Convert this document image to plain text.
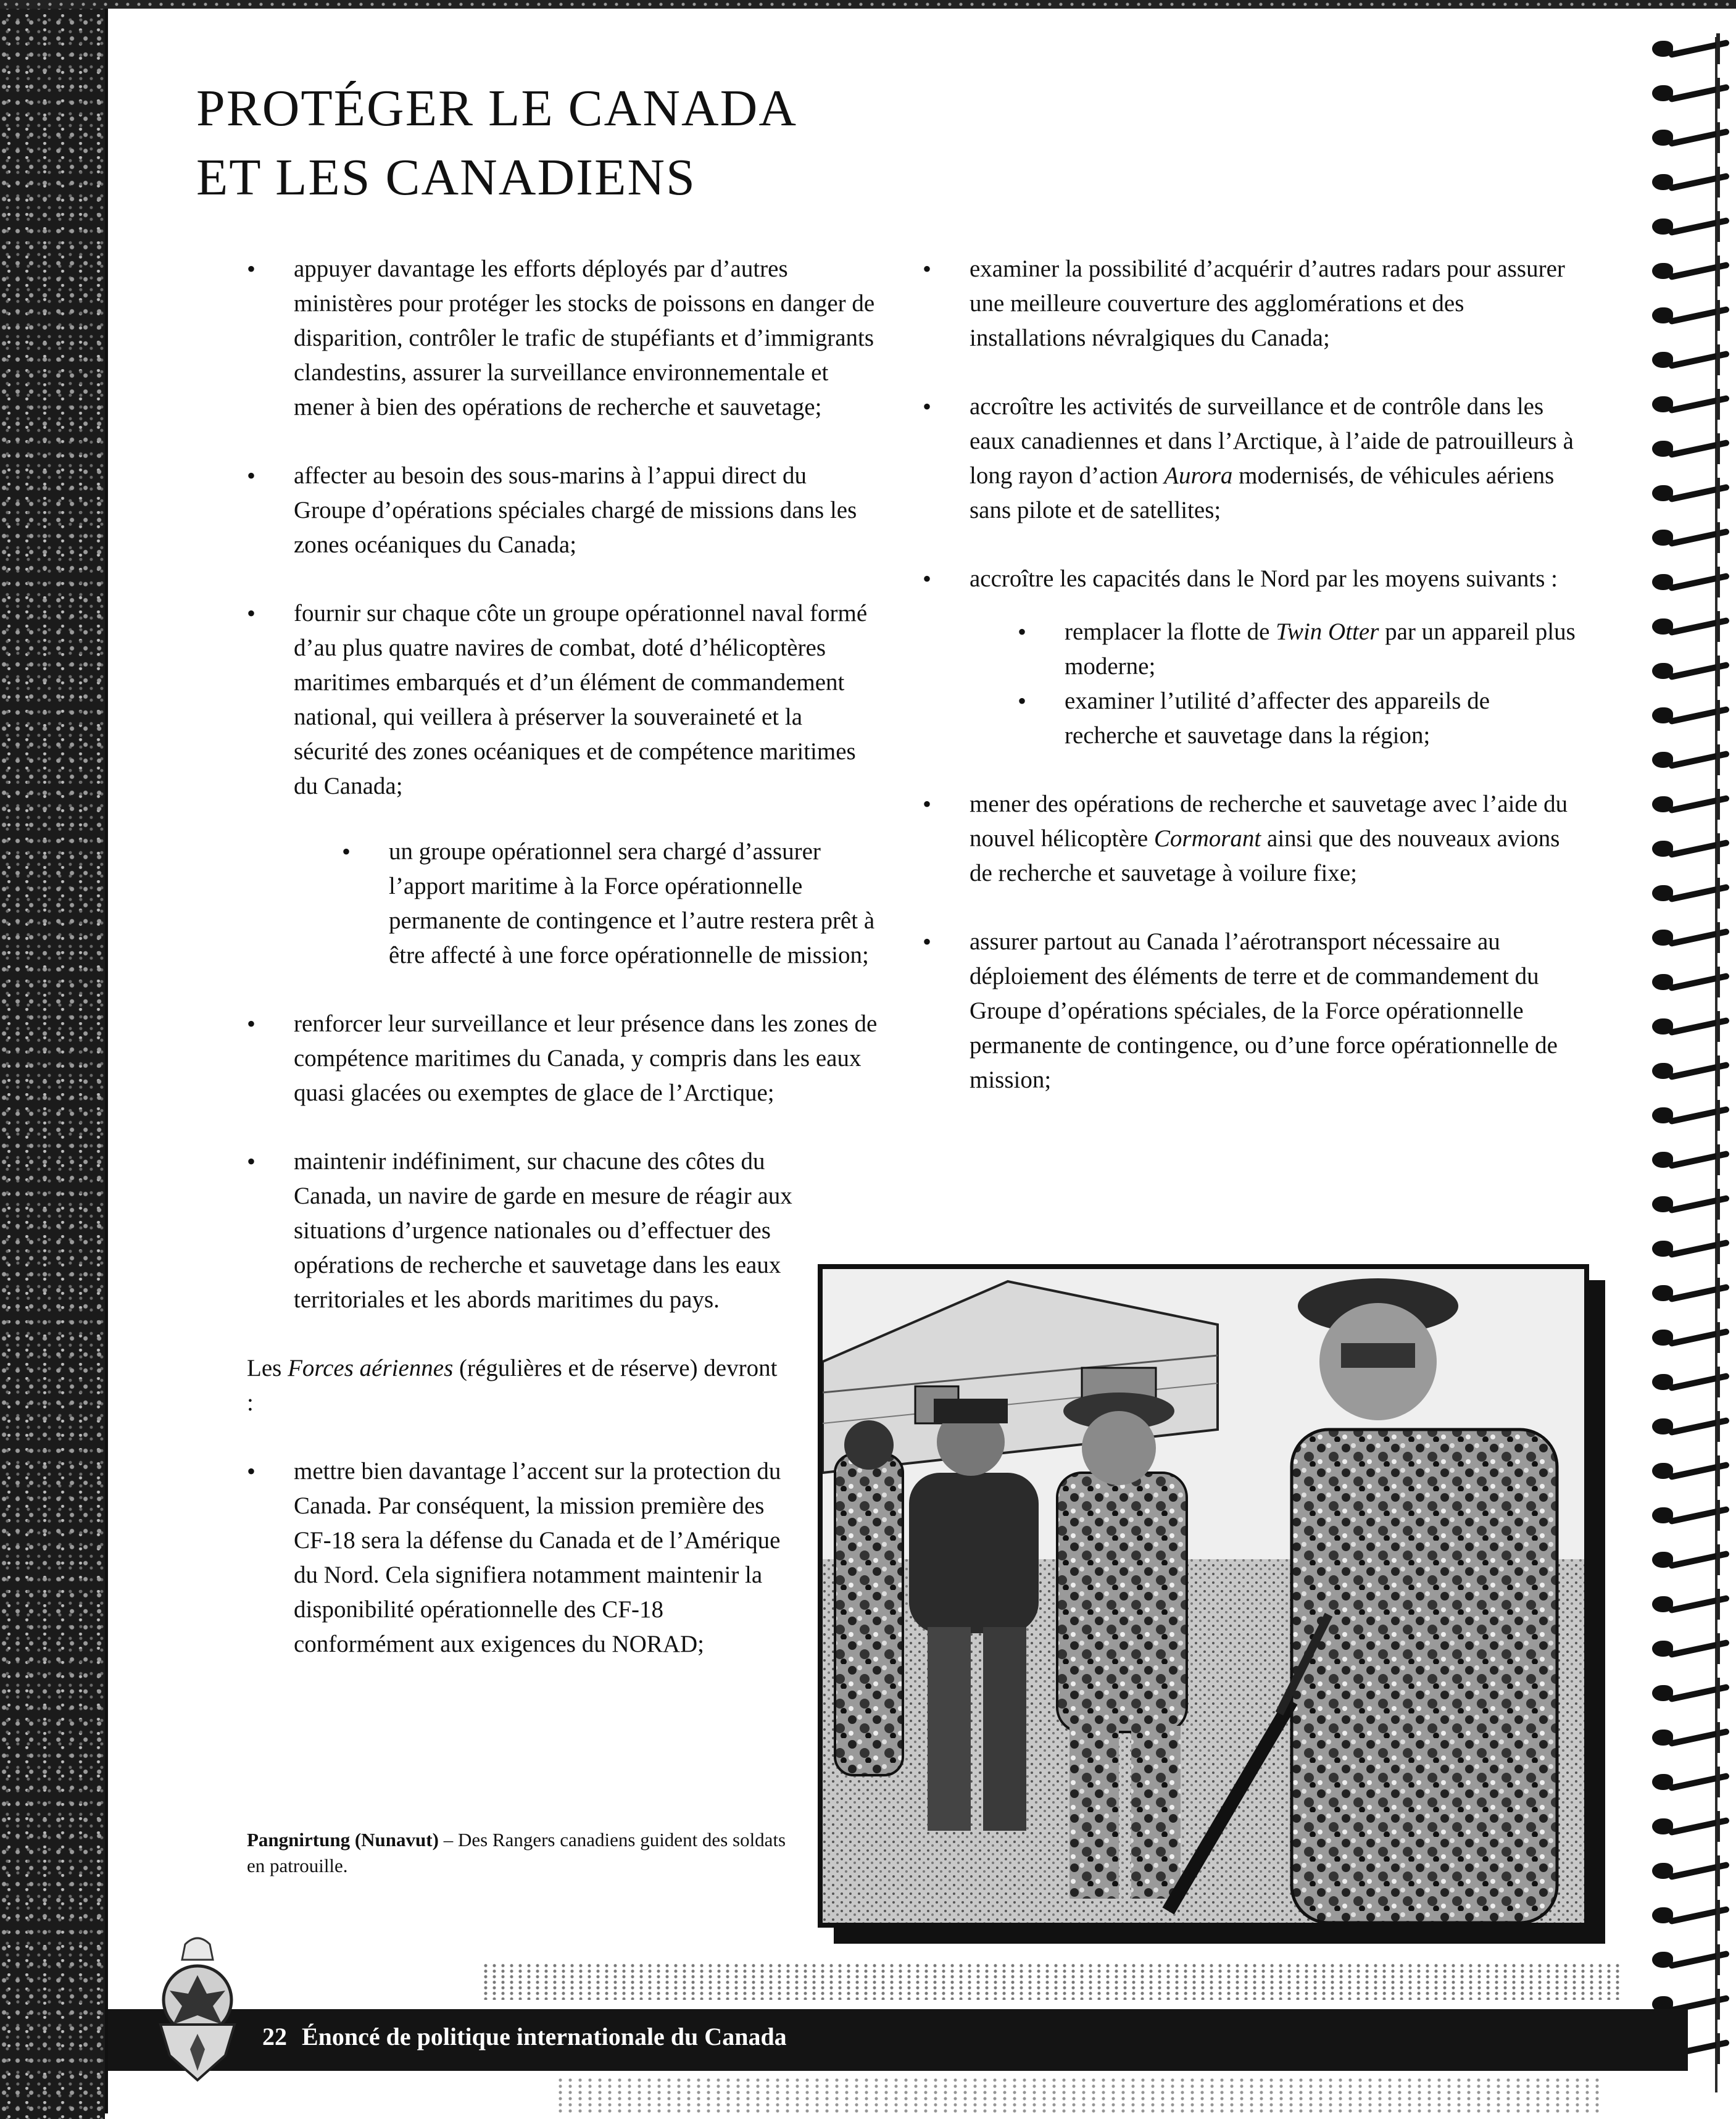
PROTÉGER LE CANADA
ET LES CANADIENS
• appuyer davantage les efforts déployés par d’autres ministères pour protéger les stocks de poissons en danger de disparition, contrôler le trafic de stupéfiants et d’immigrants clandestins, assurer la surveillance environnementale et mener à bien des opérations de recherche et sauvetage;
• affecter au besoin des sous-marins à l’appui direct du Groupe d’opérations spéciales chargé de missions dans les zones océaniques du Canada;
• fournir sur chaque côte un groupe opérationnel naval formé d’au plus quatre navires de combat, doté d’hélicoptères maritimes embarqués et d’un élément de commandement national, qui veillera à préserver la souveraineté et la sécurité des zones océaniques et de compétence maritimes du Canada;
• un groupe opérationnel sera chargé d’assurer l’apport maritime à la Force opérationnelle permanente de contingence et l’autre restera prêt à être affecté à une force opérationnelle de mission;
• renforcer leur surveillance et leur présence dans les zones de compétence maritimes du Canada, y compris dans les eaux quasi glacées ou exemptes de glace de l’Arctique;
• maintenir indéfiniment, sur chacune des côtes du Canada, un navire de garde en mesure de réagir aux situations d’urgence nationales ou d’effectuer des opérations de recherche et sauvetage dans les eaux territoriales et les abords maritimes du pays.

Les Forces aériennes (régulières et de réserve) devront :

• mettre bien davantage l’accent sur la protection du Canada. Par conséquent, la mission première des CF-18 sera la défense du Canada et de l’Amérique du Nord. Cela signifiera notamment maintenir la disponibilité opérationnelle des CF-18 conformément aux exigences du NORAD;
• examiner la possibilité d’acquérir d’autres radars pour assurer une meilleure couverture des agglomérations et des installations névralgiques du Canada;
• accroître les activités de surveillance et de contrôle dans les eaux canadiennes et dans l’Arctique, à l’aide de patrouilleurs à long rayon d’action Aurora modernisés, de véhicules aériens sans pilote et de satellites;
• accroître les capacités dans le Nord par les moyens suivants :
• remplacer la flotte de Twin Otter par un appareil plus moderne;
• examiner l’utilité d’affecter des appareils de recherche et sauvetage dans la région;
• mener des opérations de recherche et sauvetage avec l’aide du nouvel hélicoptère Cormorant ainsi que des nouveaux avions de recherche et sauvetage à voilure fixe;
• assurer partout au Canada l’aérotransport nécessaire au déploiement des éléments de terre et de commandement du Groupe d’opérations spéciales, de la Force opérationnelle permanente de contingence, ou d’une force opérationnelle de mission;
Pangnirtung (Nunavut) – Des Rangers canadiens guident des soldats en patrouille.
22 Énoncé de politique internationale du Canada
